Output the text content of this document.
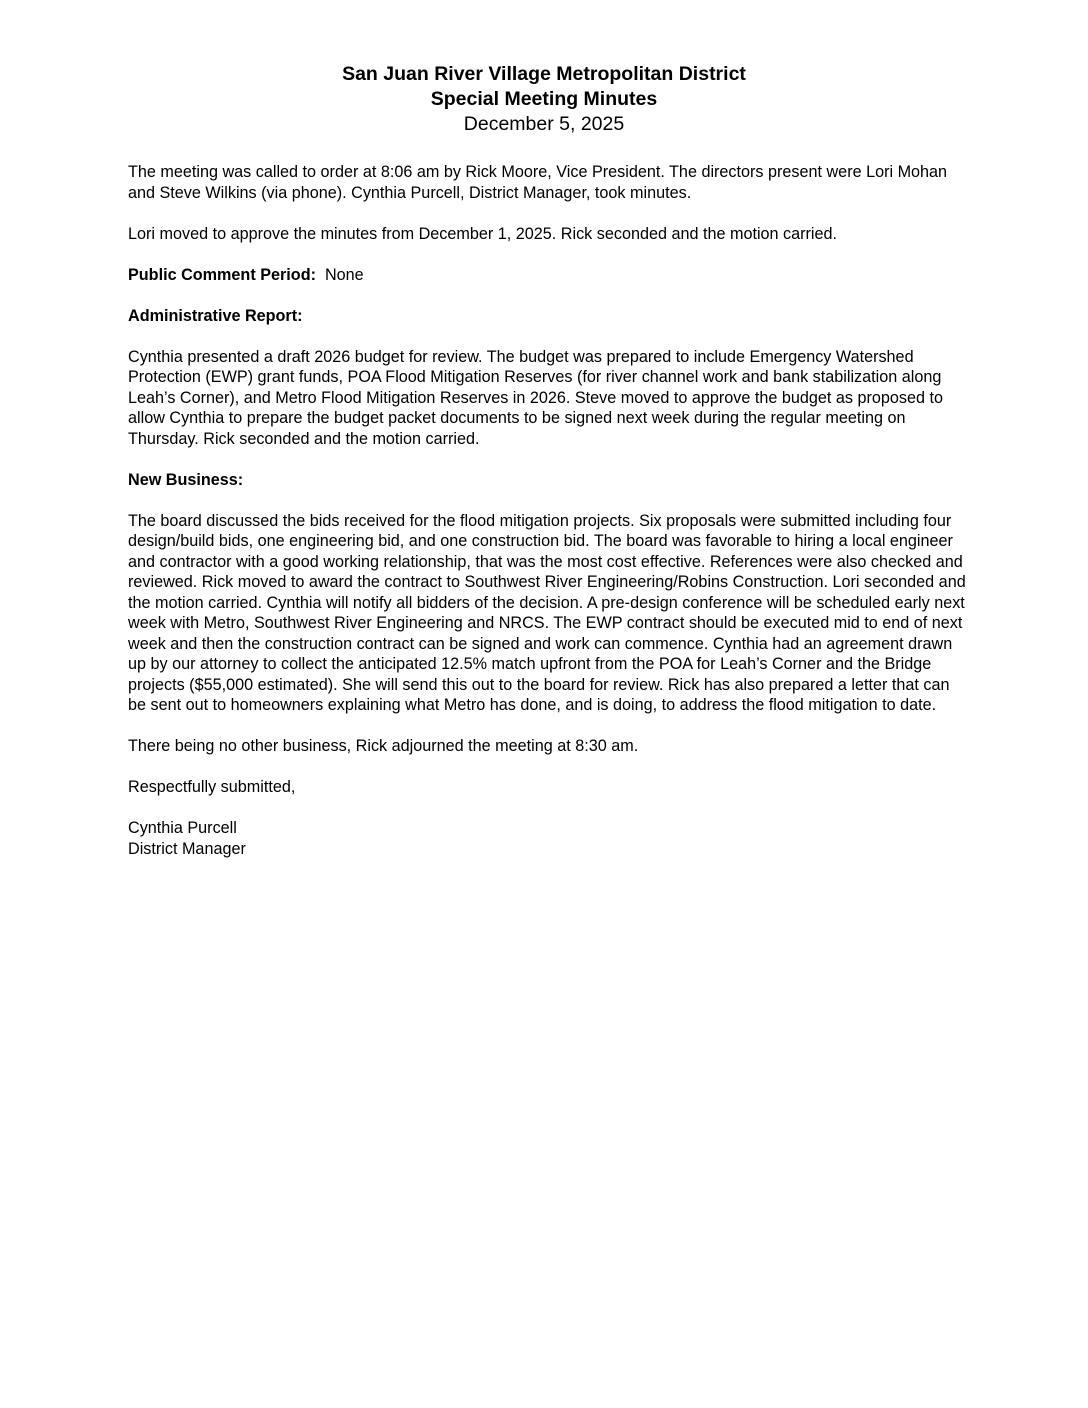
San Juan River Village Metropolitan District

Special Meeting Minutes

December 5, 2025

The meeting was called to order at 8:06 am by Rick Moore, Vice President. The directors present were Lori Mohan and Steve Wilkins (via phone). Cynthia Purcell, District Manager, took minutes.

Lori moved to approve the minutes from December 1, 2025. Rick seconded and the motion carried.

Public Comment Period: None

Administrative Report:

Cynthia presented a draft 2026 budget for review. The budget was prepared to include Emergency Watershed Protection (EWP) grant funds, POA Flood Mitigation Reserves (for river channel work and bank stabilization along Leah’s Corner), and Metro Flood Mitigation Reserves in 2026. Steve moved to approve the budget as proposed to allow Cynthia to prepare the budget packet documents to be signed next week during the regular meeting on Thursday. Rick seconded and the motion carried.

New Business:

The board discussed the bids received for the flood mitigation projects. Six proposals were submitted including four design/build bids, one engineering bid, and one construction bid. The board was favorable to hiring a local engineer and contractor with a good working relationship, that was the most cost effective. References were also checked and reviewed. Rick moved to award the contract to Southwest River Engineering/Robins Construction. Lori seconded and the motion carried. Cynthia will notify all bidders of the decision. A pre-design conference will be scheduled early next week with Metro, Southwest River Engineering and NRCS. The EWP contract should be executed mid to end of next week and then the construction contract can be signed and work can commence. Cynthia had an agreement drawn up by our attorney to collect the anticipated 12.5% match upfront from the POA for Leah’s Corner and the Bridge projects ($55,000 estimated). She will send this out to the board for review. Rick has also prepared a letter that can be sent out to homeowners explaining what Metro has done, and is doing, to address the flood mitigation to date.

There being no other business, Rick adjourned the meeting at 8:30 am.

Respectfully submitted,

Cynthia Purcell

District Manager
